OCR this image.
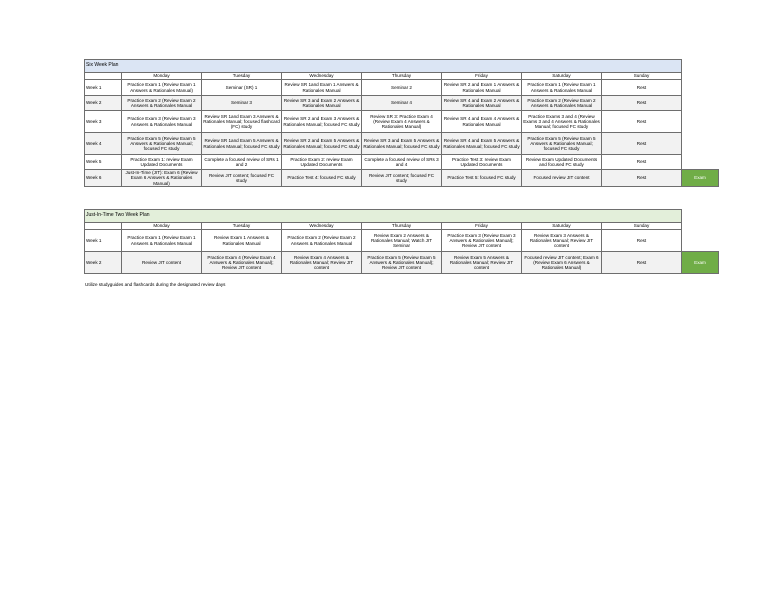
Six Week Plan								
	Monday	Tuesday	Wednesday	Thursday	Friday	Saturday	Sunday	
Week 1	Practice Exam 1 (Review Exam 1 Answers & Rationales Manual)	Seminar (SR) 1	Review SR 1and Exam 1 Answers & Rationales Manual	Seminar 2	Review SR 2 and Exam 1 Answers & Rationales Manual	Practice Exam 1 (Review Exam 1 Answers & Rationales Manual	Rest	
Week 2	Practice Exam 2 (Review Exam 2 Answers & Rationales Manual	Seminar 3	Review SR 3 and Exam 2 Answers & Rationales Manual	Seminar 4	Review SR 4 and Exam 2 Answers & Rationales Manual	Practice Exam 2 (Review Exam 2 Answers & Rationales Manual	Rest	
Week 3	Practice Exam 3 (Review Exam 3 Answers & Rationales Manual	Review SR 1and Exam 3 Answers & Rationales Manual; focused flashcard (FC) study	Review SR 2 and Exam 3 Answers & Rationales Manual; focused FC study	Review SR 3: Practice Exam 4 (Review Exam 4 Answers & Rationales Manual)	Review SR 4 and Exam 4 Answers & Rationales Manual	Practice Exams 3 and 4 (Review Exams 3 and 4 Answers & Rationales Manual; focused FC study	Rest	
Week 4	Practice Exam 5 (Review Exam 5 Answers & Rationales Manual; focused FC study	Review SR 1and Exam 5 Answers & Rationales Manual; focused FC study	Review SR 2 and Exam 5 Answers & Rationales Manual; focused FC study	Review SR 3 and Exam 5 Answers & Rationales Manual; focused FC study	Review SR 4 and Exam 5 Answers & Rationales Manual; focused FC study	Practice Exam 5 (Review Exam 5 Answers & Rationales Manual; focused FC study	Rest	
Week 5	Practice Exam 1: review Exam Updated Documents	Complete a focused review of SRs 1 and 2	Practice Exam 2: review Exam Updated Documents	Complete a focused review of SRs 3 and 4	Practice Test 3: review Exam Updated Documents	Review Exam Updated Documents and focused FC study	Rest	
Week 6	Just-In-Time (JIT): Exam 6 (Review Exam 6 Answers & Rationales Manual)	Review JIT content; focused FC study	Practice Test 4: focused FC study	Review JIT content; focused FC study	Practice Test 5: focused FC study	Focused review JIT content	Rest	Exam
Just-In-Time Two Week Plan								
	Monday	Tuesday	Wednesday	Thursday	Friday	Saturday	Sunday	
Week 1	Practice Exam 1 (Review Exam 1 Answers & Rationales Manual	Review Exam 1 Answers & Rationales Manual	Practice Exam 2 (Review Exam 2 Answers & Rationales Manual	Review Exam 2 Answers & Rationales Manual; Watch JIT Seminar	Practice Exam 3 (Review Exam 3 Answers & Rationales Manual); Review JIT content	Review Exam 3 Answers & Rationales Manual; Review JIT content	Rest	
Week 2	Review JIT content	Practice Exam 4 (Review Exam 4 Answers & Rationales Manual); Review JIT content	Review Exam 4 Answers & Rationales Manual; Review JIT content	Practice Exam 5 (Review Exam 5 Answers & Rationales Manual); Review JIT content	Review Exam 5 Answers & Rationales Manual; Review JIT content	Focused review JIT content; Exam 6 (Review Exam 6 Answers & Rationales Manual)	Rest	Exam
Utilize studyguides and flashcards during the designated review days
